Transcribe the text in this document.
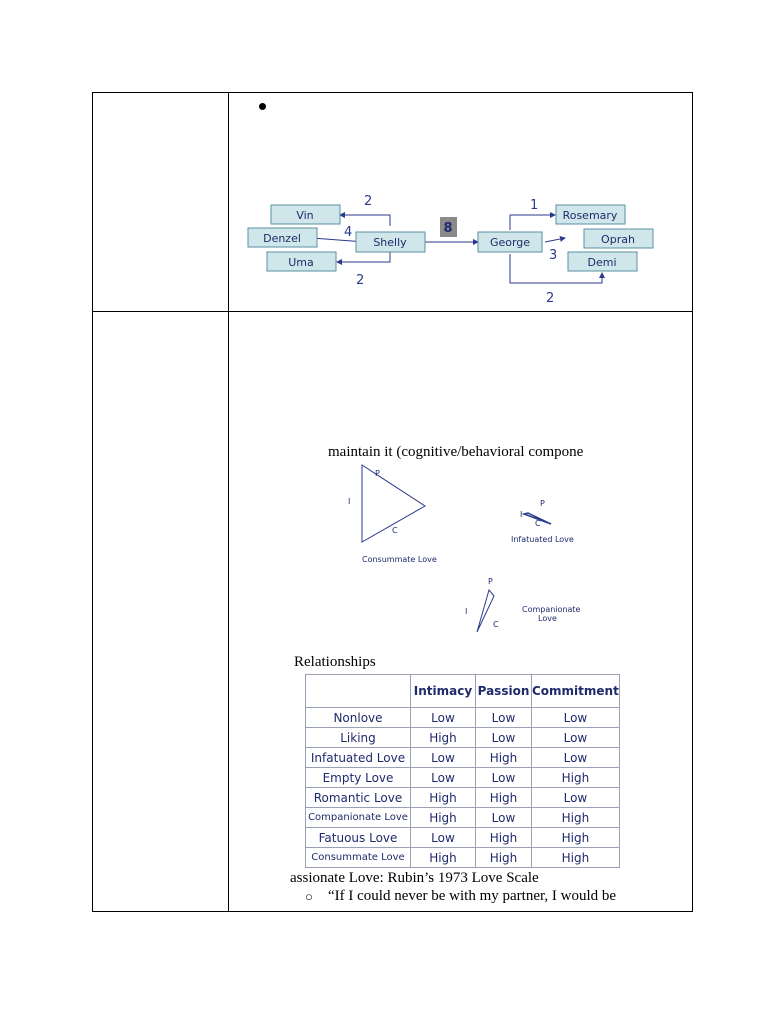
Vin
Denzel
Uma
Shelly	George
Rosemary
Oprah
Demi
8
2
4
2
1
3
2
maintain it (cognitive/behavioral compone
I
P
C
Consummate Love
I
P
C
Infatuated Love
I
P
C
Companionate
Love
Relationships
	Intimacy	Passion	Commitment
Nonlove	Low	Low	Low
Liking	High	Low	Low
Infatuated Love	Low	High	Low
Empty Love	Low	Low	High
Romantic Love	High	High	Low
Companionate Love	High	Low	High
Fatuous Love	Low	High	High
Consummate Love	High	High	High
assionate Love: Rubin’s 1973 Love Scale
○ “If I could never be with my partner, I would be
